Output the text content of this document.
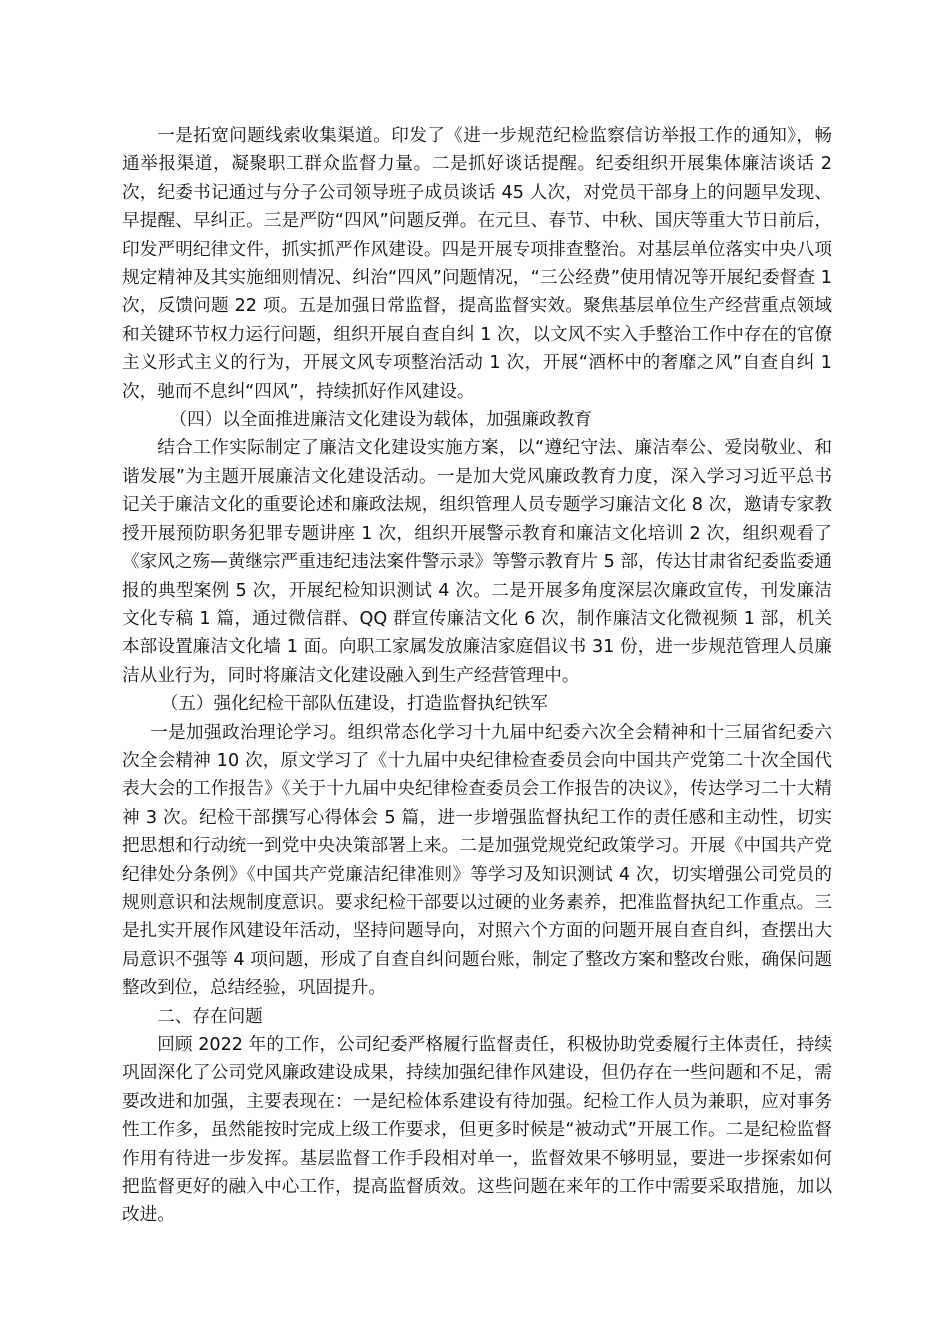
一是拓宽问题线索收集渠道。印发了《进一步规范纪检监察信访举报工作的通知》，畅通举报渠道，凝聚职工群众监督力量。二是抓好谈话提醒。纪委组织开展集体廉洁谈话 2 次，纪委书记通过与分子公司领导班子成员谈话 45 人次，对党员干部身上的问题早发现、早提醒、早纠正。三是严防“四风”问题反弹。在元旦、春节、中秋、国庆等重大节日前后，印发严明纪律文件，抓实抓严作风建设。四是开展专项排查整治。对基层单位落实中央八项规定精神及其实施细则情况、纠治“四风”问题情况，“三公经费”使用情况等开展纪委督查 1 次，反馈问题 22 项。五是加强日常监督，提高监督实效。聚焦基层单位生产经营重点领域和关键环节权力运行问题，组织开展自查自纠 1 次，以文风不实入手整治工作中存在的官僚主义形式主义的行为，开展文风专项整治活动 1 次，开展“酒杯中的奢靡之风”自查自纠 1 次，驰而不息纠“四风”，持续抓好作风建设。

（四）以全面推进廉洁文化建设为载体，加强廉政教育

结合工作实际制定了廉洁文化建设实施方案，以“遵纪守法、廉洁奉公、爱岗敬业、和谐发展”为主题开展廉洁文化建设活动。一是加大党风廉政教育力度，深入学习习近平总书记关于廉洁文化的重要论述和廉政法规，组织管理人员专题学习廉洁文化 8 次，邀请专家教授开展预防职务犯罪专题讲座 1 次，组织开展警示教育和廉洁文化培训 2 次，组织观看了《家风之殇—黄继宗严重违纪违法案件警示录》等警示教育片 5 部，传达甘肃省纪委监委通报的典型案例 5 次，开展纪检知识测试 4 次。二是开展多角度深层次廉政宣传，刊发廉洁文化专稿 1 篇，通过微信群、QQ 群宣传廉洁文化 6 次，制作廉洁文化微视频 1 部，机关本部设置廉洁文化墙 1 面。向职工家属发放廉洁家庭倡议书 31 份，进一步规范管理人员廉洁从业行为，同时将廉洁文化建设融入到生产经营管理中。

（五）强化纪检干部队伍建设，打造监督执纪铁军

一是加强政治理论学习。组织常态化学习十九届中纪委六次全会精神和十三届省纪委六次全会精神 10 次，原文学习了《十九届中央纪律检查委员会向中国共产党第二十次全国代表大会的工作报告》《关于十九届中央纪律检查委员会工作报告的决议》，传达学习二十大精神 3 次。纪检干部撰写心得体会 5 篇，进一步增强监督执纪工作的责任感和主动性，切实把思想和行动统一到党中央决策部署上来。二是加强党规党纪政策学习。开展《中国共产党纪律处分条例》《中国共产党廉洁纪律准则》等学习及知识测试 4 次，切实增强公司党员的规则意识和法规制度意识。要求纪检干部要以过硬的业务素养，把准监督执纪工作重点。三是扎实开展作风建设年活动，坚持问题导向，对照六个方面的问题开展自查自纠，查摆出大局意识不强等 4 项问题，形成了自查自纠问题台账，制定了整改方案和整改台账，确保问题整改到位，总结经验，巩固提升。

二、存在问题

回顾 2022 年的工作，公司纪委严格履行监督责任，积极协助党委履行主体责任，持续巩固深化了公司党风廉政建设成果，持续加强纪律作风建设，但仍存在一些问题和不足，需要改进和加强，主要表现在：一是纪检体系建设有待加强。纪检工作人员为兼职，应对事务性工作多，虽然能按时完成上级工作要求，但更多时候是“被动式”开展工作。二是纪检监督作用有待进一步发挥。基层监督工作手段相对单一，监督效果不够明显，要进一步探索如何把监督更好的融入中心工作，提高监督质效。这些问题在来年的工作中需要采取措施，加以改进。
